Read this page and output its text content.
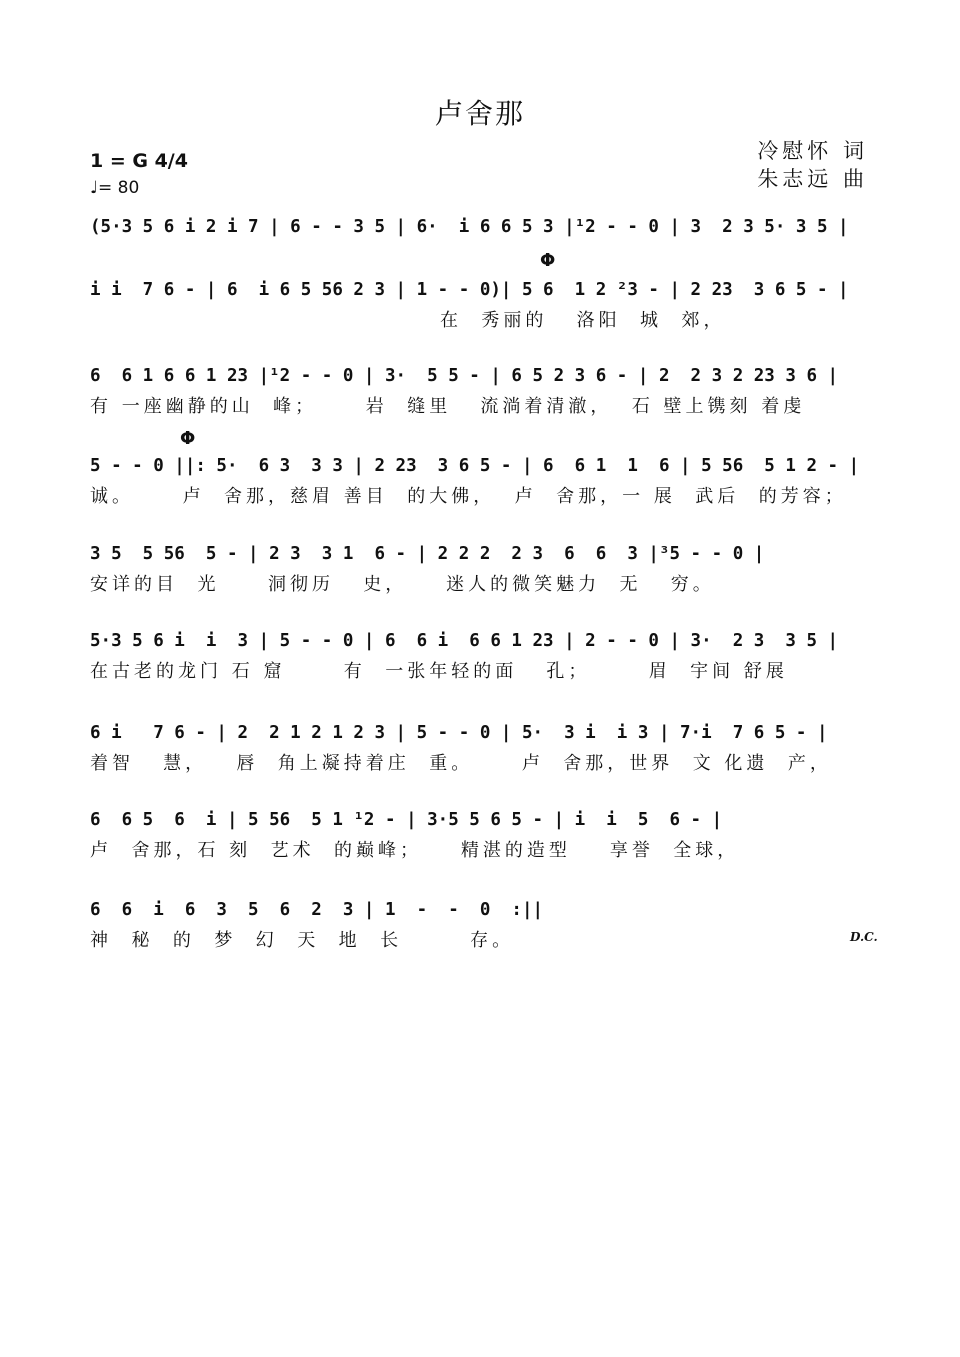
卢舍那
1 = G 4/4
♩= 80
冷慰怀 词
朱志远 曲
Φ
Φ
(5·3 5 6 i 2 i 7 | 6 - - 3 5 | 6·  i 6 6 5 3 |¹2 - - 0 | 3  2 3 5· 3 5 |
i i  7 6 - | 6  i 6 5 56 2 3 | 1 - - 0)| 5 6  1 2 ²3 - | 2 23  3 6 5 - |
在  秀丽的   洛阳  城  郊，
6  6 1 6 6 1 23 |¹2 - - 0 | 3·  5 5 - | 6 5 2 3 6 - | 2  2 3 2 23 3 6 |
有 一座幽静的山  峰；     岩  缝里   流淌着清澈，  石 壁上镌刻 着虔
5 - - 0 ||: 5·  6 3  3 3 | 2 23  3 6 5 - | 6  6 1  1  6 | 5 56  5 1 2 - |
诚。     卢  舍那，慈眉 善目  的大佛，  卢  舍那，一 展  武后  的芳容；
3 5  5 56  5 - | 2 3  3 1  6 - | 2 2 2  2 3  6  6  3 |³5 - - 0 |
安详的目  光     洞彻历   史，    迷人的微笑魅力  无   穷。
5·3 5 6 i  i  3 | 5 - - 0 | 6  6 i  6 6 1 23 | 2 - - 0 | 3·  2 3  3 5 |
在古老的龙门 石 窟      有  一张年轻的面   孔；      眉  宇间 舒展
6 i   7 6 - | 2  2 1 2 1 2 3 | 5 - - 0 | 5·  3 i  i 3 | 7·i  7 6 5 - |
着智   慧，   唇  角上凝持着庄  重。     卢  舍那，世界  文 化遗  产，
6  6 5  6  i | 5 56  5 1 ¹2 - | 3·5 5 6 5 - | i  i  5  6 - |
卢  舍那，石 刻  艺术  的巅峰；    精湛的造型    享誉  全球，
6  6  i  6  3  5  6  2  3 | 1  -  -  0  :||
神  秘  的  梦  幻  天  地  长       存。	D.C.
